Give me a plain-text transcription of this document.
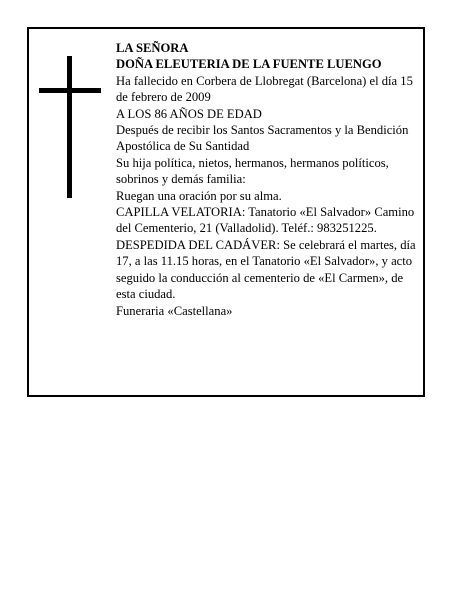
LA SEÑORA

DOÑA ELEUTERIA DE LA FUENTE LUENGO

Ha fallecido en Corbera de Llobregat (Barcelona) el día 15 de febrero de 2009

A LOS 86 AÑOS DE EDAD

Después de recibir los Santos Sacramentos y la Bendición Apostólica de Su Santidad

Su hija política, nietos, hermanos, hermanos políticos, sobrinos y demás familia:

Ruegan una oración por su alma.

CAPILLA VELATORIA: Tanatorio «El Salvador» Camino del Cementerio, 21 (Valladolid). Teléf.: 983251225.

DESPEDIDA DEL CADÁVER: Se celebrará el martes, día 17, a las 11.15 horas, en el Tanatorio «El Salvador», y acto seguido la conducción al cementerio de «El Carmen», de esta ciudad.

Funeraria «Castellana»
